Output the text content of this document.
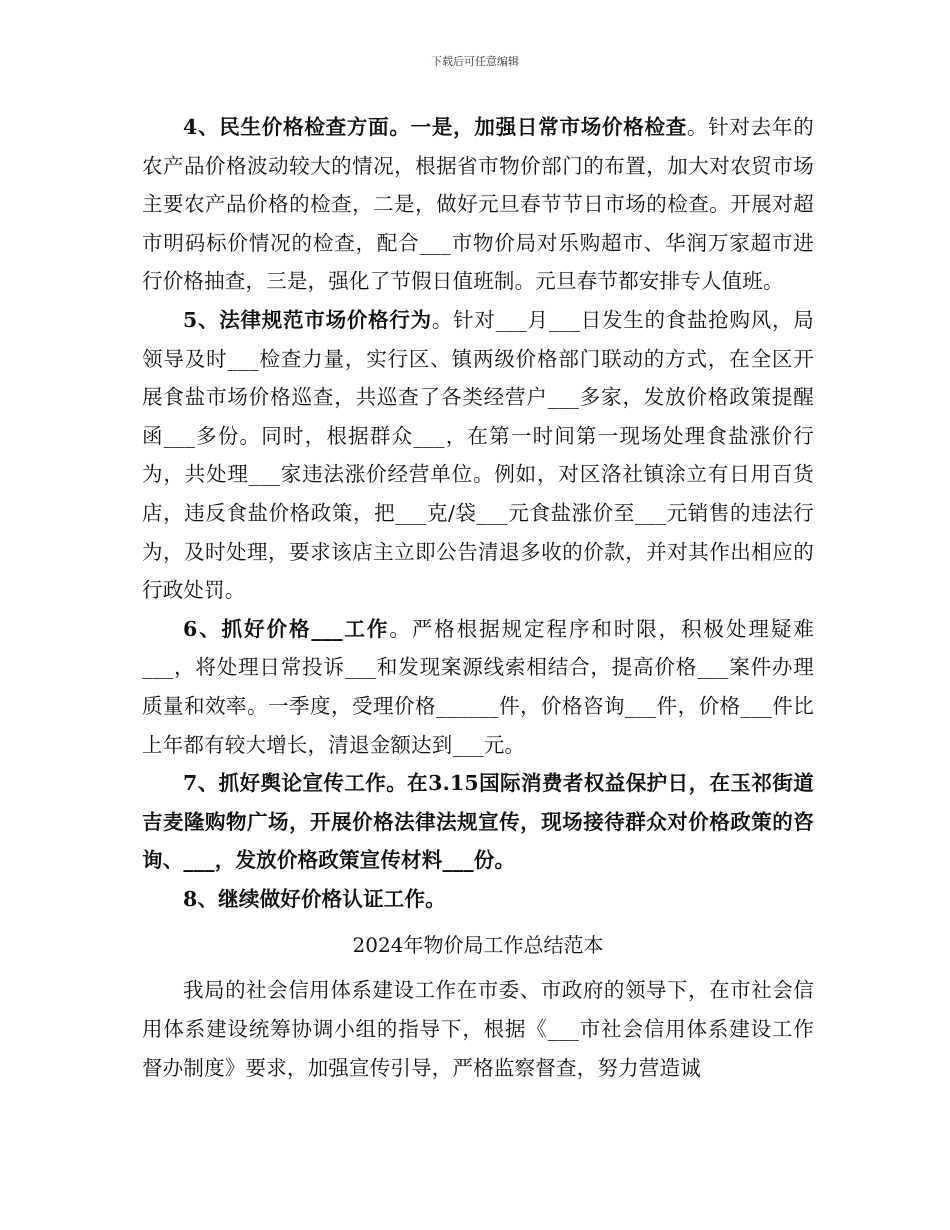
下载后可任意编辑

4、民生价格检查方面。一是，加强日常市场价格检查。针对去年的农产品价格波动较大的情况，根据省市物价部门的布置，加大对农贸市场主要农产品价格的检查，二是，做好元旦春节节日市场的检查。开展对超市明码标价情况的检查，配合___市物价局对乐购超市、华润万家超市进行价格抽查，三是，强化了节假日值班制。元旦春节都安排专人值班。

5、法律规范市场价格行为。针对___月___日发生的食盐抢购风，局领导及时___检查力量，实行区、镇两级价格部门联动的方式，在全区开展食盐市场价格巡查，共巡查了各类经营户___多家，发放价格政策提醒函___多份。同时，根据群众___，在第一时间第一现场处理食盐涨价行为，共处理___家违法涨价经营单位。例如，对区洛社镇涂立有日用百货店，违反食盐价格政策，把___克/袋___元食盐涨价至___元销售的违法行为，及时处理，要求该店主立即公告清退多收的价款，并对其作出相应的行政处罚。

6、抓好价格___工作。严格根据规定程序和时限，积极处理疑难___，将处理日常投诉___和发现案源线索相结合，提高价格___案件办理质量和效率。一季度，受理价格______件，价格咨询___件，价格___件比上年都有较大增长，清退金额达到___元。

7、抓好舆论宣传工作。在3.15国际消费者权益保护日，在玉祁街道吉麦隆购物广场，开展价格法律法规宣传，现场接待群众对价格政策的咨询、___，发放价格政策宣传材料___份。

8、继续做好价格认证工作。

2024年物价局工作总结范本

我局的社会信用体系建设工作在市委、市政府的领导下，在市社会信用体系建设统筹协调小组的指导下，根据《___市社会信用体系建设工作督办制度》要求，加强宣传引导，严格监察督查，努力营造诚
